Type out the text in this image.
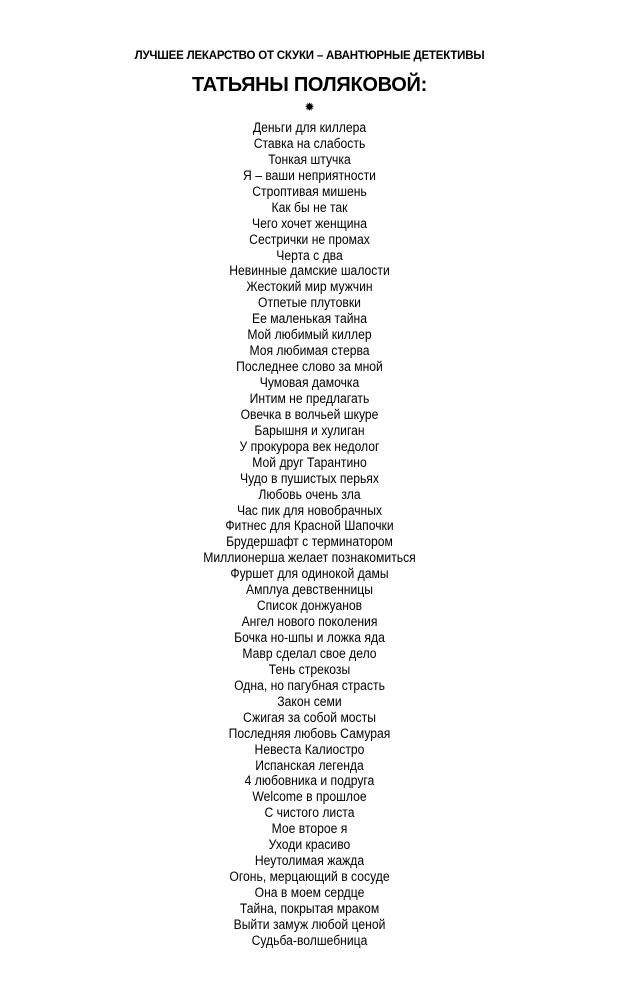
ЛУЧШЕЕ ЛЕКАРСТВО ОТ СКУКИ – АВАНТЮРНЫЕ ДЕТЕКТИВЫ
ТАТЬЯНЫ ПОЛЯКОВОЙ:
✹
Деньги для киллера
Ставка на слабость
Тонкая штучка
Я – ваши неприятности
Строптивая мишень
Как бы не так
Чего хочет женщина
Сестрички не промах
Черта с два
Невинные дамские шалости
Жестокий мир мужчин
Отпетые плутовки
Ее маленькая тайна
Мой любимый киллер
Моя любимая стерва
Последнее слово за мной
Чумовая дамочка
Интим не предлагать
Овечка в волчьей шкуре
Барышня и хулиган
У прокурора век недолог
Мой друг Тарантино
Чудо в пушистых перьях
Любовь очень зла
Час пик для новобрачных
Фитнес для Красной Шапочки
Брудершафт с терминатором
Миллионерша желает познакомиться
Фуршет для одинокой дамы
Амплуа девственницы
Список донжуанов
Ангел нового поколения
Бочка но-шпы и ложка яда
Мавр сделал свое дело
Тень стрекозы
Одна, но пагубная страсть
Закон семи
Сжигая за собой мосты
Последняя любовь Самурая
Невеста Калиостро
Испанская легенда
4 любовника и подруга
Welcome в прошлое
С чистого листа
Мое второе я
Уходи красиво
Неутолимая жажда
Огонь, мерцающий в сосуде
Она в моем сердце
Тайна, покрытая мраком
Выйти замуж любой ценой
Судьба-волшебница
